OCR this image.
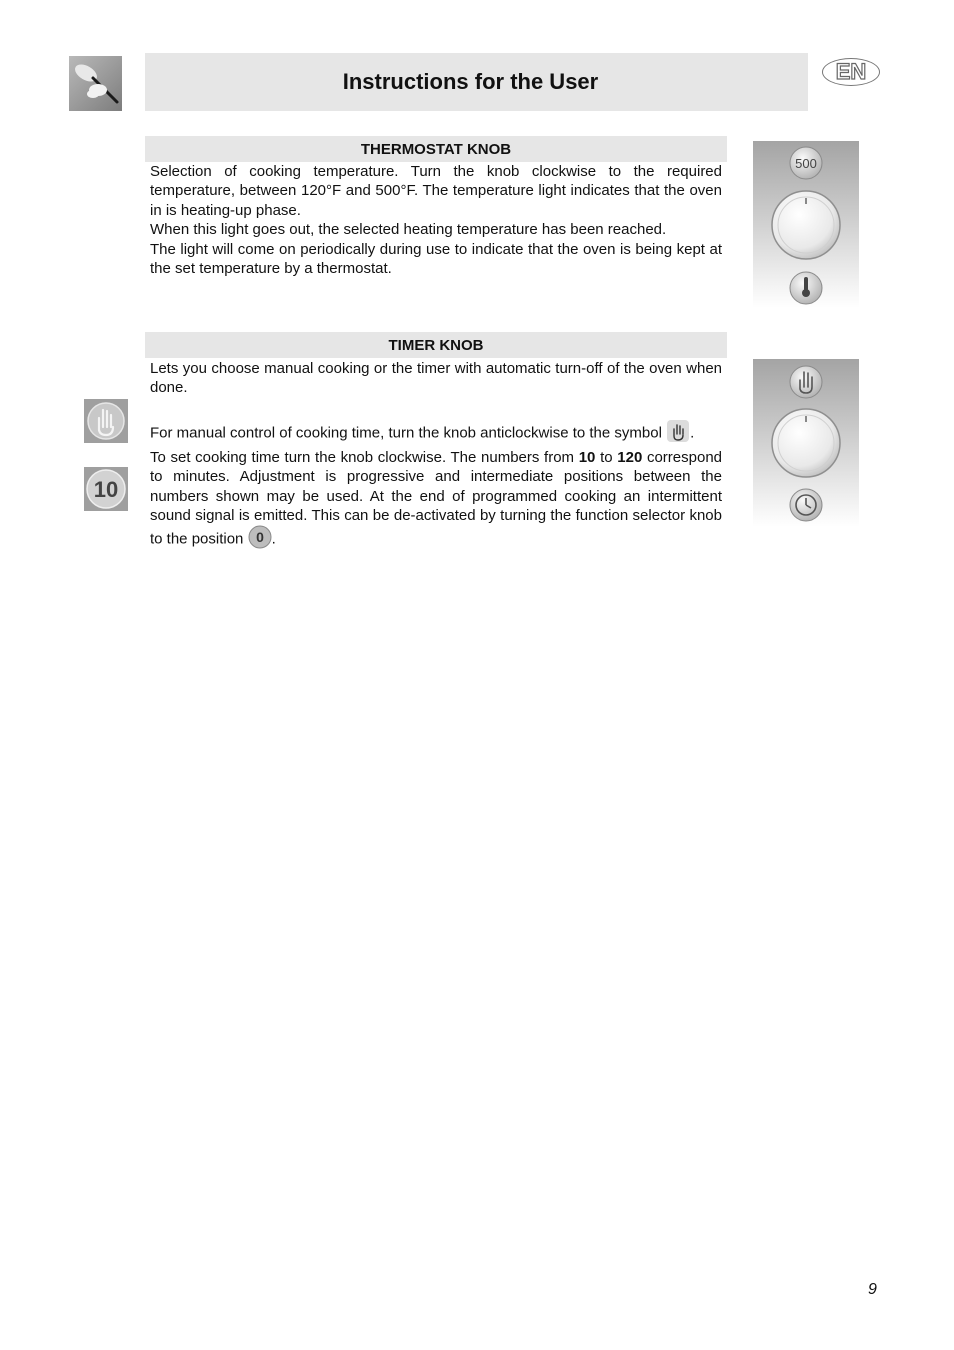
Instructions for the User	EN
THERMOSTAT KNOB

Selection of cooking temperature. Turn the knob clockwise to the required temperature, between 120°F and 500°F. The temperature light indicates that the oven in is heating-up phase.

When this light goes out, the selected heating temperature has been reached.

The light will come on periodically during use to indicate that the oven is being kept at the set temperature by a thermostat.

500
TIMER KNOB

Lets you choose manual cooking or the timer with automatic turn-off of the oven when done.

For manual control of cooking time, turn the knob anticlockwise to the symbol .

To set cooking time turn the knob clockwise. The numbers from 10 to 120 correspond to minutes. Adjustment is progressive and intermediate positions between the numbers shown may be used. At the end of programmed cooking an intermittent sound signal is emitted. This can be de-activated by turning the function selector knob to the position 0 .

10
9
